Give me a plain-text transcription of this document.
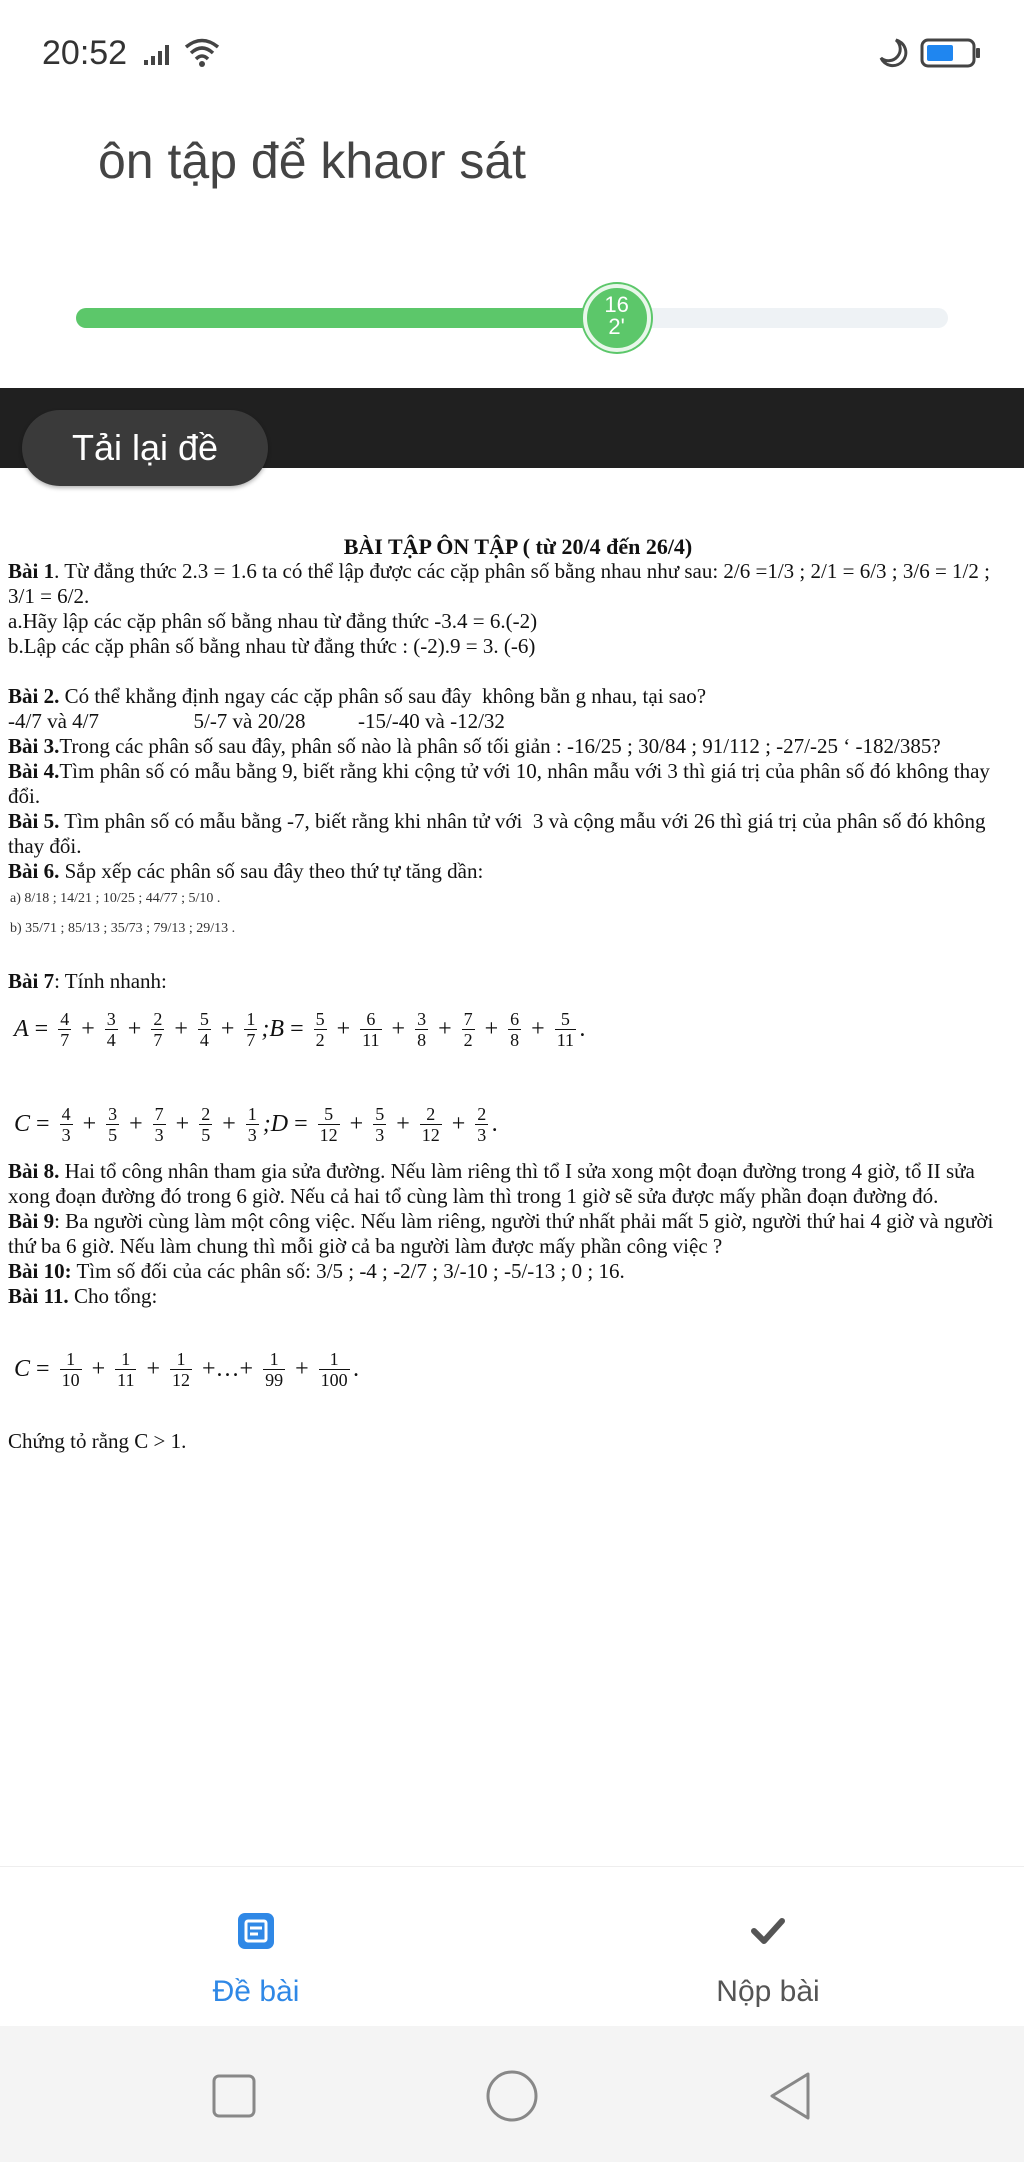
20:52
ôn tập để khaor sát
16
2'
Tải lại đề

BÀI TẬP ÔN TẬP ( từ 20/4 đến 26/4)

Bài 1. Từ đẳng thức 2.3 = 1.6 ta có thể lập được các cặp phân số bằng nhau như sau: 2/6 =1/3 ; 2/1 = 6/3 ; 3/6 = 1/2 ; 3/1 = 6/2.

a.Hãy lập các cặp phân số bằng nhau từ đẳng thức -3.4 = 6.(-2)

b.Lập các cặp phân số bằng nhau từ đẳng thức : (-2).9 = 3. (-6)

Bài 2. Có thể khẳng định ngay các cặp phân số sau đây  không bằn g nhau, tại sao?

-4/7 và 4/7                  5/-7 và 20/28          -15/-40 và -12/32

Bài 3.Trong các phân số sau đây, phân số nào là phân số tối giản : -16/25 ; 30/84 ; 91/112 ; -27/-25 ‘ -182/385?

Bài 4.Tìm phân số có mẫu bằng 9, biết rằng khi cộng tử với 10, nhân mẫu với 3 thì giá trị của phân số đó không thay đổi.

Bài 5. Tìm phân số có mẫu bằng -7, biết rằng khi nhân tử với  3 và cộng mẫu với 26 thì giá trị của phân số đó không thay đổi.

Bài 6. Sắp xếp các phân số sau đây theo thứ tự tăng dần:

a) 8/18 ; 14/21 ; 10/25 ; 44/77 ; 5/10 .

b) 35/71 ; 85/13 ; 35/73 ; 79/13 ; 29/13 .

Bài 7: Tính nhanh:

$A = \frac{4}{7} + \frac{3}{4} + \frac{2}{7} + \frac{5}{4} + \frac{1}{7}$ ; $B = \frac{5}{2} + \frac{6}{11} + \frac{3}{8} + \frac{7}{2} + \frac{6}{8} + \frac{5}{11}$ .
$C = \frac{4}{3} + \frac{3}{5} + \frac{7}{3} + \frac{2}{5} + \frac{1}{3}$ ; $D = \frac{5}{12} + \frac{5}{3} + \frac{2}{12} + \frac{2}{3}$ .

Bài 8. Hai tổ công nhân tham gia sửa đường. Nếu làm riêng thì tổ I sửa xong một đoạn đường trong 4 giờ, tổ II sửa xong đoạn đường đó trong 6 giờ. Nếu cả hai tổ cùng làm thì trong 1 giờ sẽ sửa được mấy phần đoạn đường đó.

Bài 9: Ba người cùng làm một công việc. Nếu làm riêng, người thứ nhất phải mất 5 giờ, người thứ hai 4 giờ và người thứ ba 6 giờ. Nếu làm chung thì mỗi giờ cả ba người làm được mấy phần công việc ?

Bài 10: Tìm số đối của các phân số: 3/5 ; -4 ; -2/7 ; 3/-10 ; -5/-13 ; 0 ; 16.

Bài 11. Cho tổng:

$C = \frac{1}{10} + \frac{1}{11} + \frac{1}{12}$ +…+ $\frac{1}{99} + \frac{1}{100}$ .

Chứng tỏ rằng C > 1.

Đề bài	Nộp bài
